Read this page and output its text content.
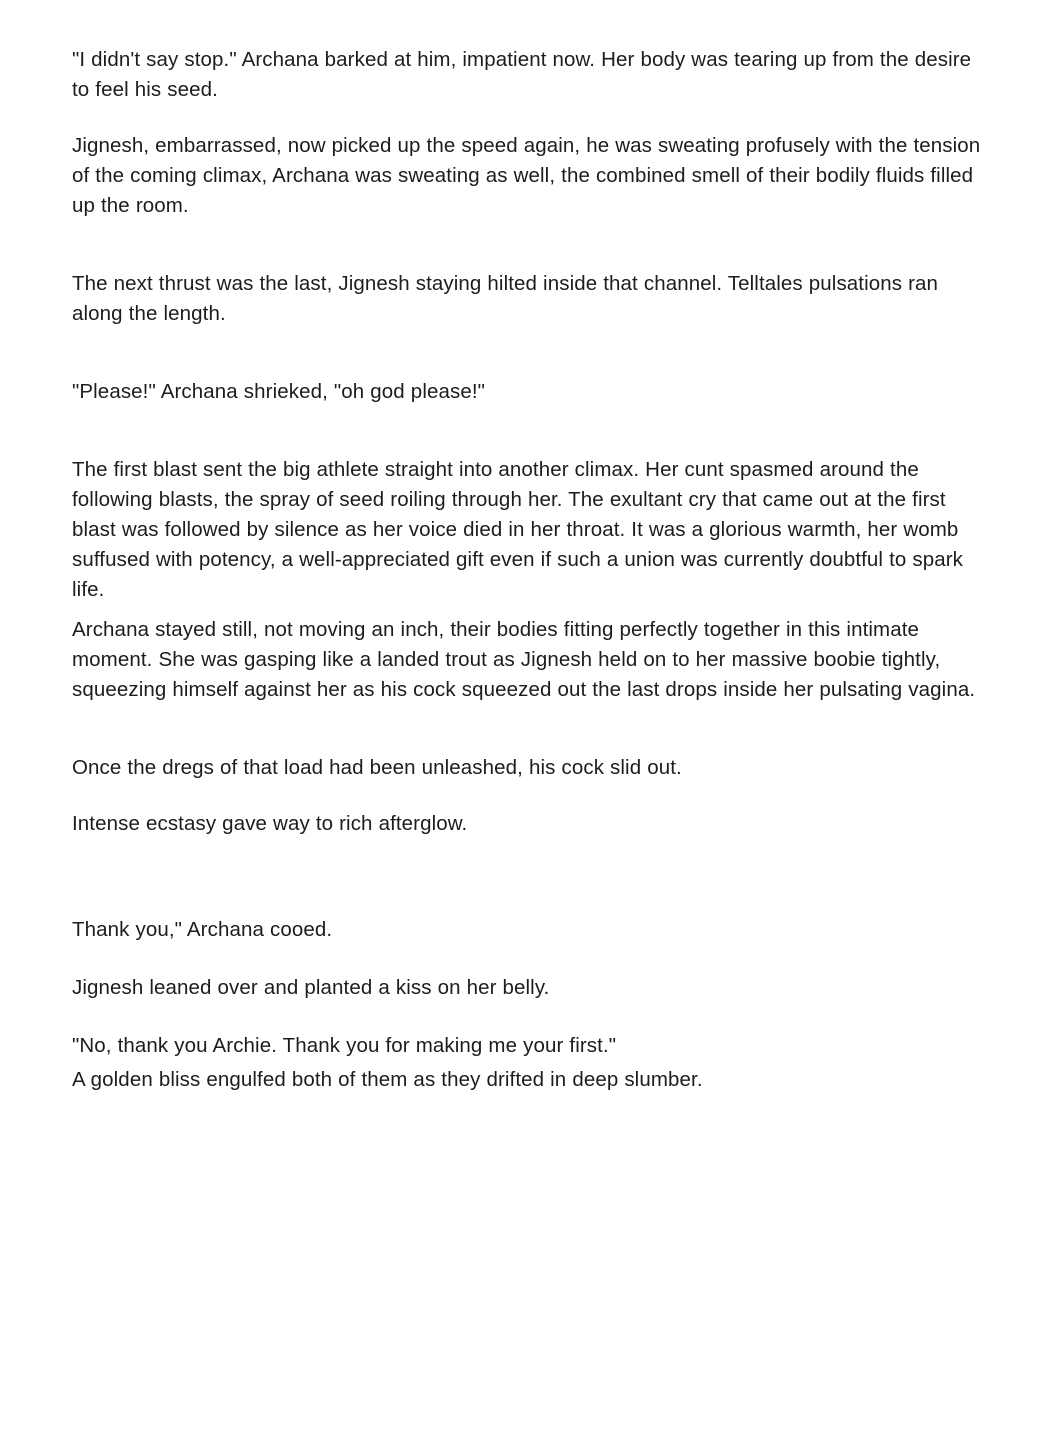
"I didn't say stop." Archana barked at him, impatient now. Her body was tearing up from the desire to feel his seed.

Jignesh, embarrassed, now picked up the speed again, he was sweating profusely with the tension of the coming climax, Archana was sweating as well, the combined smell of their bodily fluids filled up the room.

The next thrust was the last, Jignesh staying hilted inside that channel. Telltales pulsations ran along the length.

"Please!" Archana shrieked, "oh god please!"

The first blast sent the big athlete straight into another climax. Her cunt spasmed around the following blasts, the spray of seed roiling through her. The exultant cry that came out at the first blast was followed by silence as her voice died in her throat. It was a glorious warmth, her womb suffused with potency, a well-appreciated gift even if such a union was currently doubtful to spark life.

Archana stayed still, not moving an inch, their bodies fitting perfectly together in this intimate moment. She was gasping like a landed trout as Jignesh held on to her massive boobie tightly, squeezing himself against her as his cock squeezed out the last drops inside her pulsating vagina.

Once the dregs of that load had been unleashed, his cock slid out.

Intense ecstasy gave way to rich afterglow.

Thank you," Archana cooed.

Jignesh leaned over and planted a kiss on her belly.

"No, thank you Archie. Thank you for making me your first."

A golden bliss engulfed both of them as they drifted in deep slumber.
